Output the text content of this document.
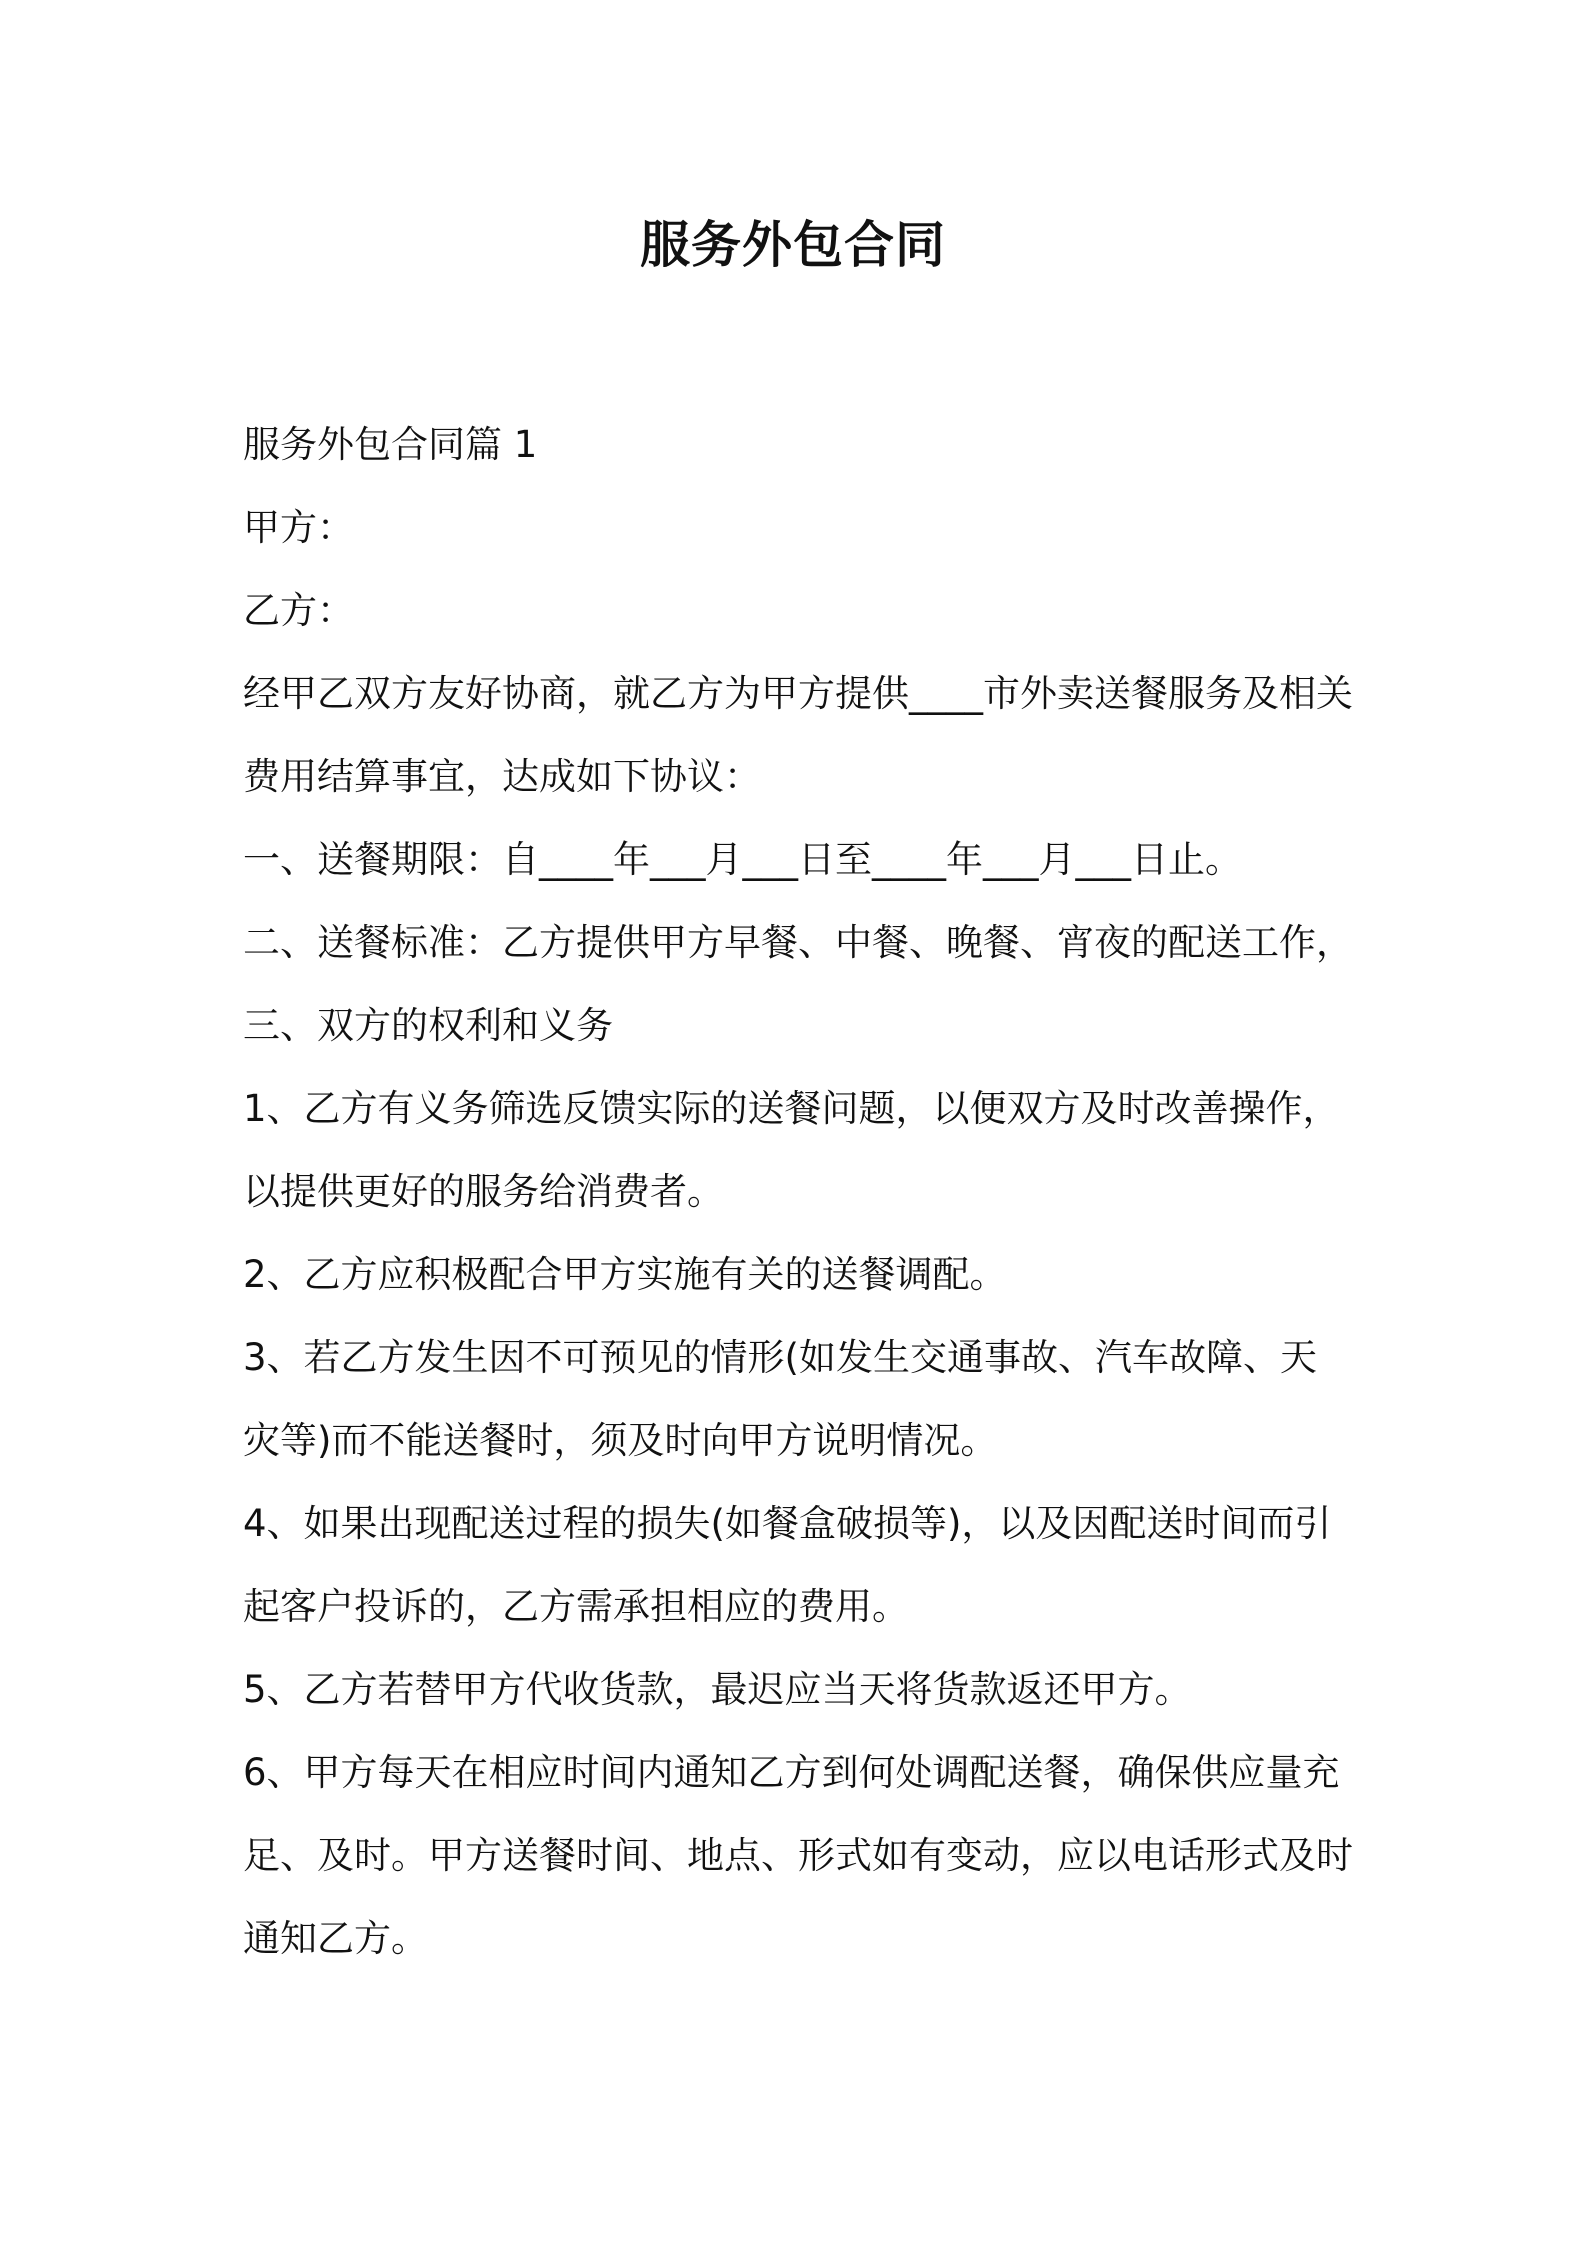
服务外包合同

服务外包合同篇 1

甲方：

乙方：

经甲乙双方友好协商，就乙方为甲方提供____市外卖送餐服务及相关费用结算事宜，达成如下协议：

一、送餐期限：自____年___月___日至____年___月___日止。

二、送餐标准：乙方提供甲方早餐、中餐、晚餐、宵夜的配送工作，

三、双方的权利和义务

1、乙方有义务筛选反馈实际的送餐问题，以便双方及时改善操作，以提供更好的服务给消费者。

2、乙方应积极配合甲方实施有关的送餐调配。

3、若乙方发生因不可预见的情形(如发生交通事故、汽车故障、天灾等)而不能送餐时，须及时向甲方说明情况。

4、如果出现配送过程的损失(如餐盒破损等)，以及因配送时间而引起客户投诉的，乙方需承担相应的费用。

5、乙方若替甲方代收货款，最迟应当天将货款返还甲方。

6、甲方每天在相应时间内通知乙方到何处调配送餐，确保供应量充足、及时。甲方送餐时间、地点、形式如有变动，应以电话形式及时通知乙方。
